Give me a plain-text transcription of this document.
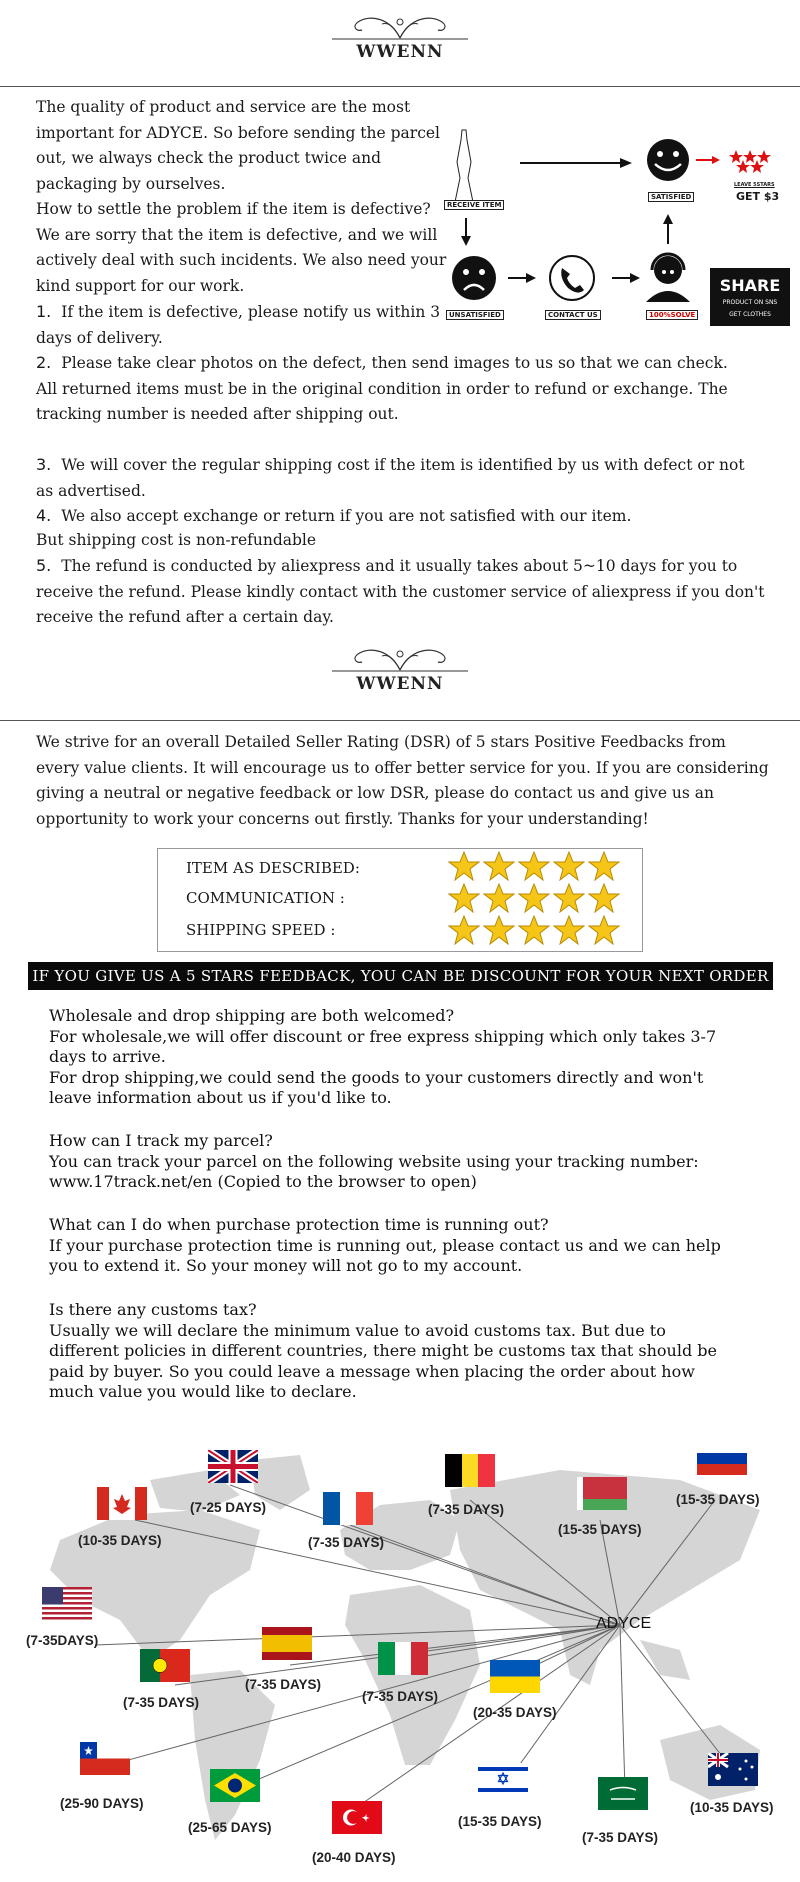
WWENN
The quality of product and service are the most important for ADYCE. So before sending the parcel out, we always check the product twice and packaging by ourselves.
How to settle the problem if the item is defective? We are sorry that the item is defective, and we will actively deal with such incidents. We also need your kind support for our work.
1. If the item is defective, please notify us within 3 days of delivery.
2. Please take clear photos on the defect, then send images to us so that we can check. All returned items must be in the original condition in order to refund or exchange. The tracking number is needed after shipping out.
3. We will cover the regular shipping cost if the item is identified by us with defect or not as advertised.
4. We also accept exchange or return if you are not satisfied with our item.
But shipping cost is non-refundable
5. The refund is conducted by aliexpress and it usually takes about 5~10 days for you to receive the refund. Please kindly contact with the customer service of aliexpress if you don't receive the refund after a certain day.
RECEIVE ITEM
SATISFIED
LEAVE 5STARS
GET $3
UNSATISFIED	CONTACT US	100%SOLVE
SHARE
PRODUCT ON SNS
GET CLOTHES
WWENN
We strive for an overall Detailed Seller Rating (DSR) of 5 stars Positive Feedbacks from every value clients. It will encourage us to offer better service for you. If you are considering giving a neutral or negative feedback or low DSR, please do contact us and give us an opportunity to work your concerns out firstly. Thanks for your understanding!
ITEM AS DESCRIBED:
COMMUNICATION :
SHIPPING SPEED :
IF YOU GIVE US A 5 STARS FEEDBACK, YOU CAN BE DISCOUNT FOR YOUR NEXT ORDER
Wholesale and drop shipping are both welcomed?
For wholesale,we will offer discount or free express shipping which only takes 3-7
days to arrive.
For drop shipping,we could send the goods to your customers directly and won't
leave information about us if you'd like to.
How can I track my parcel?
You can track your parcel on the following website using your tracking number:
www.17track.net/en (Copied to the browser to open)
What can I do when purchase protection time is running out?
If your purchase protection time is running out, please contact us and we can help
you to extend it. So your money will not go to my account.
Is there any customs tax?
Usually we will declare the minimum value to avoid customs tax. But due to
different policies in different countries, there might be customs tax that should be
paid by buyer. So you could leave a message when placing the order about how
much value you would like to declare.
ADYCE
(7-25 DAYS)
(10-35 DAYS)	(7-35 DAYS)
(7-35 DAYS)
(15-35 DAYS)
(15-35 DAYS)
(7-35DAYS)
(7-35 DAYS)
(7-35 DAYS)
(7-35 DAYS)
(20-35 DAYS)
(10-35 DAYS)
(25-90 DAYS)
(25-65 DAYS)
(20-40 DAYS)
(15-35 DAYS)
(7-35 DAYS)
